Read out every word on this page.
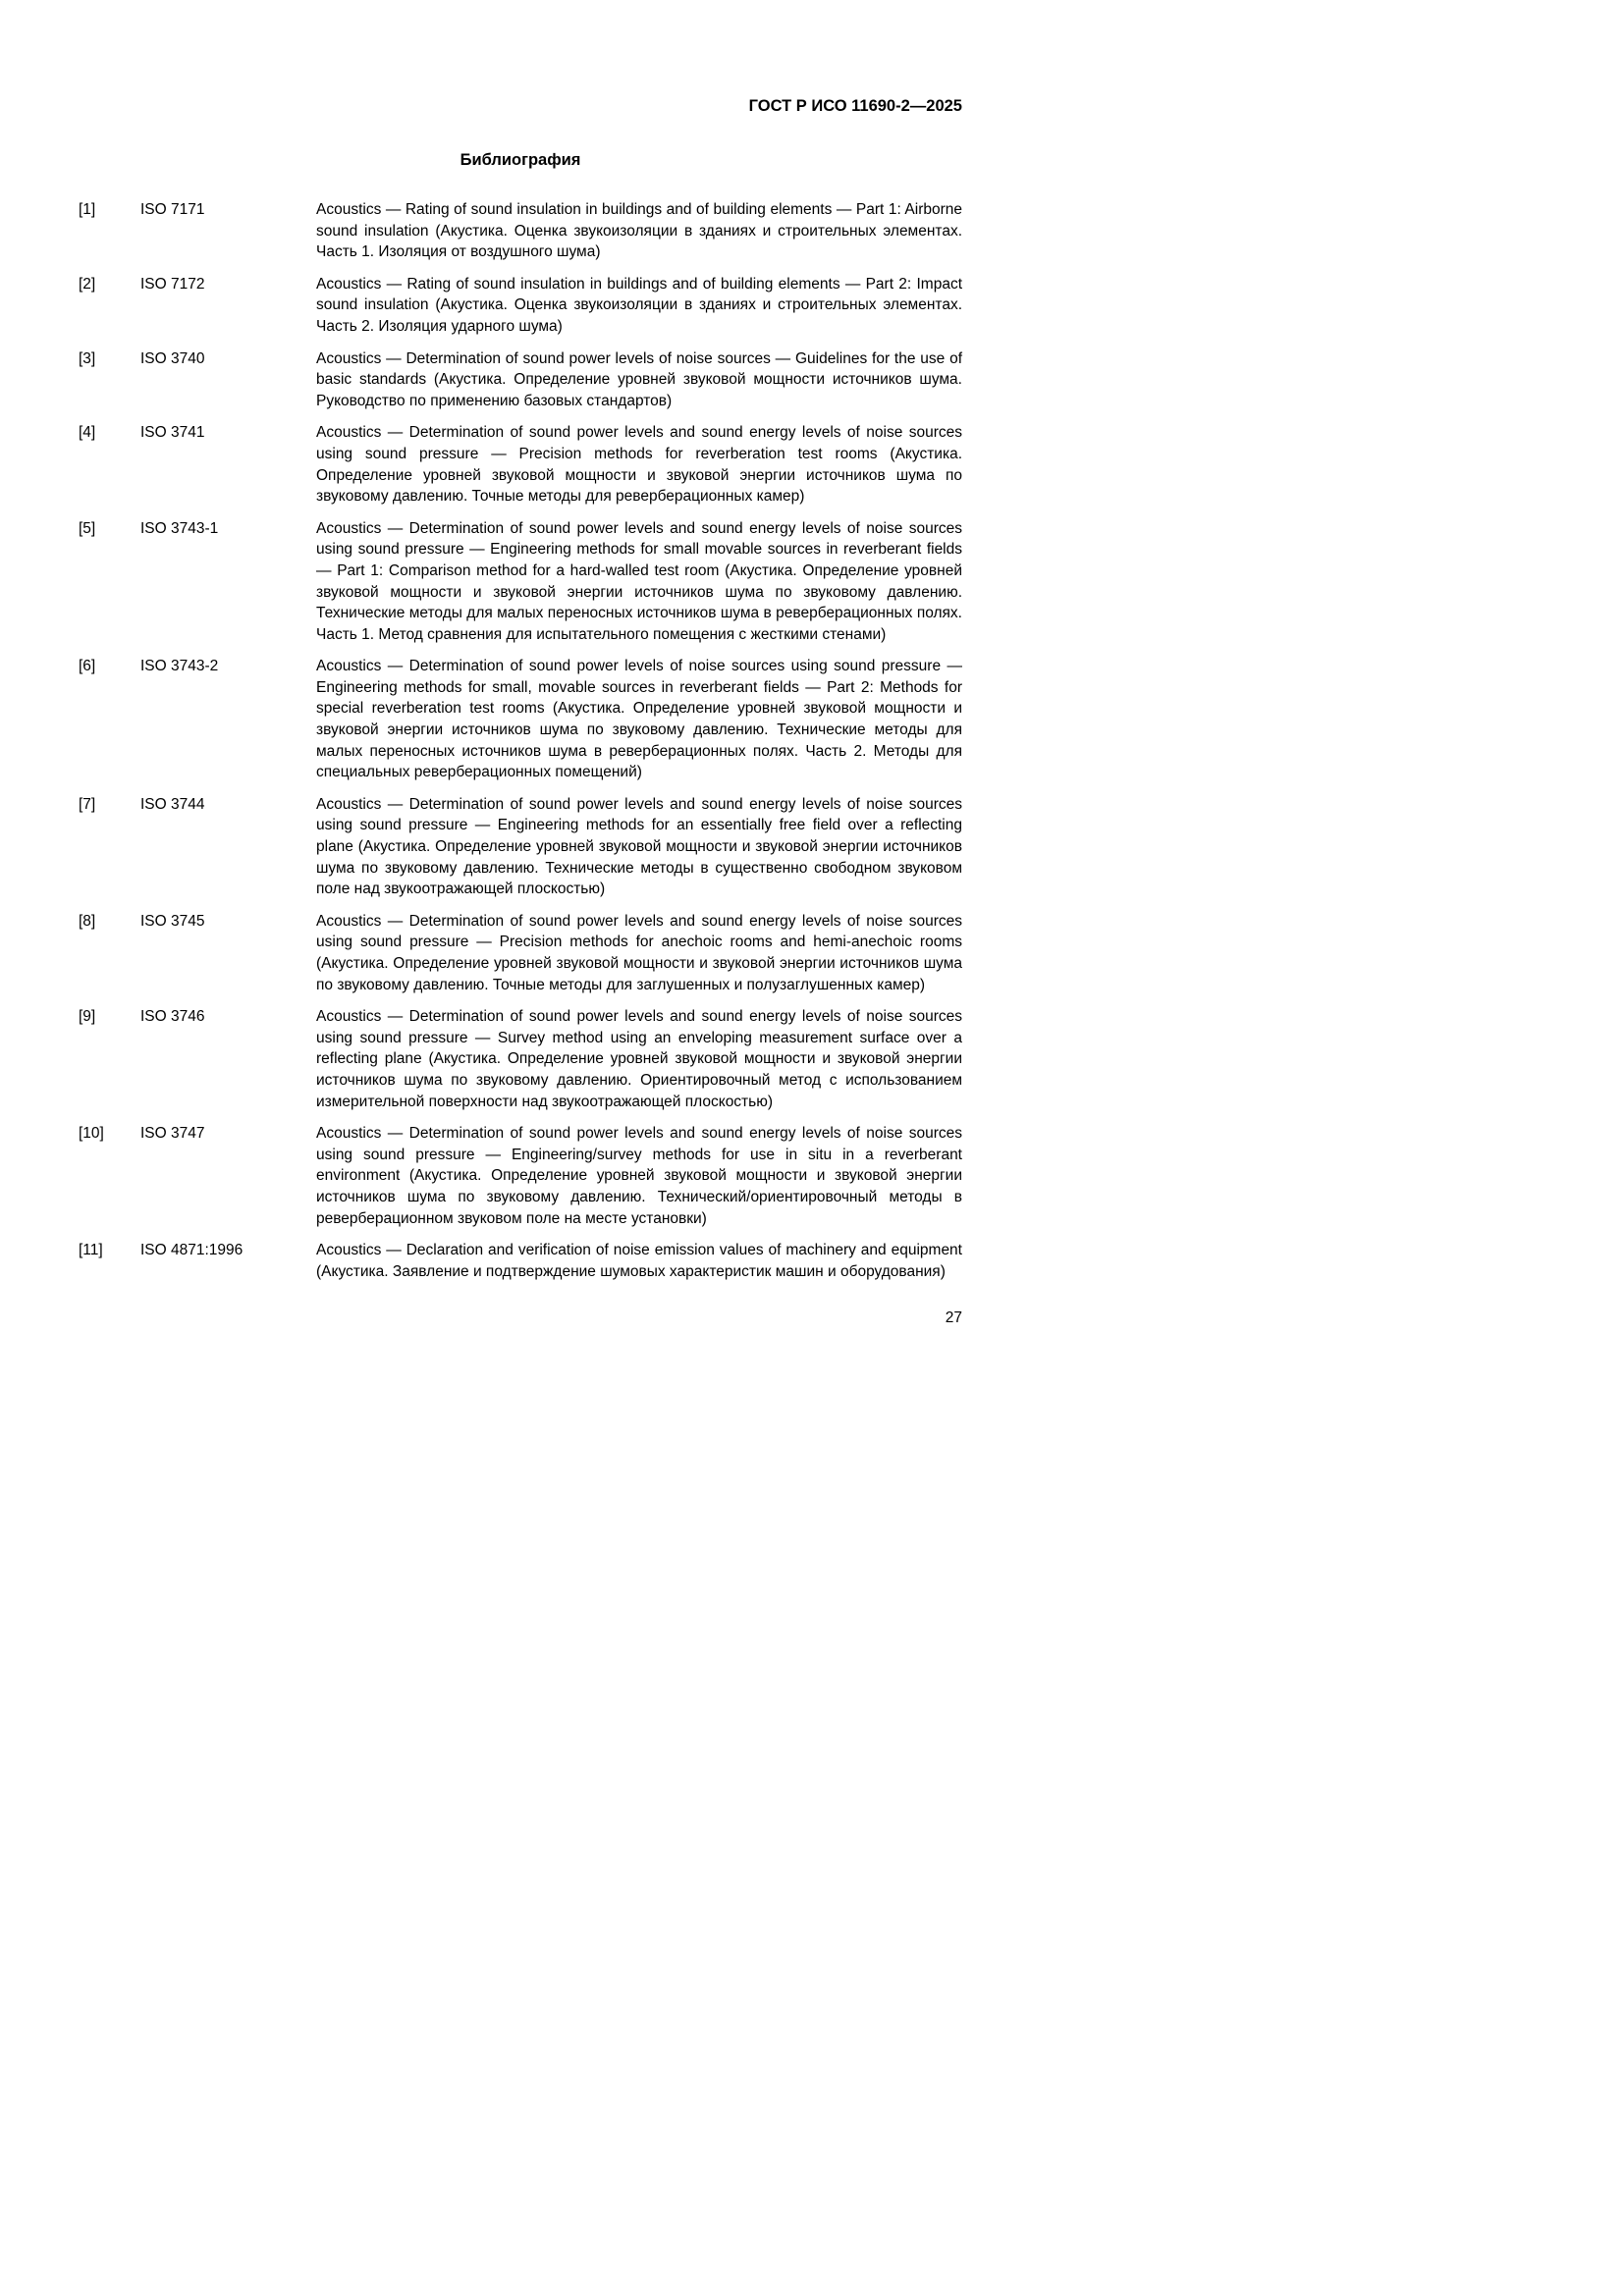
ГОСТ Р ИСО 11690-2—2025
Библиография
[1]	ISO 7171	Acoustics — Rating of sound insulation in buildings and of building elements — Part 1: Airborne sound insulation (Акустика. Оценка звукоизоляции в зданиях и строительных элементах. Часть 1. Изоляция от воздушного шума)
[2]	ISO 7172	Acoustics — Rating of sound insulation in buildings and of building elements — Part 2: Impact sound insulation (Акустика. Оценка звукоизоляции в зданиях и строительных элементах. Часть 2. Изоляция ударного шума)
[3]	ISO 3740	Acoustics — Determination of sound power levels of noise sources — Guidelines for the use of basic standards (Акустика. Определение уровней звуковой мощности источников шума. Руководство по применению базовых стандартов)
[4]	ISO 3741	Acoustics — Determination of sound power levels and sound energy levels of noise sources using sound pressure — Precision methods for reverberation test rooms (Акустика. Определение уровней звуковой мощности и звуковой энергии источников шума по звуковому давлению. Точные методы для реверберационных камер)
[5]	ISO 3743-1	Acoustics — Determination of sound power levels and sound energy levels of noise sources using sound pressure — Engineering methods for small movable sources in reverberant fields — Part 1: Comparison method for a hard-walled test room (Акустика. Определение уровней звуковой мощности и звуковой энергии источников шума по звуковому давлению. Технические методы для малых переносных источников шума в реверберационных полях. Часть 1. Метод сравнения для испытательного помещения с жесткими стенами)
[6]	ISO 3743-2	Acoustics — Determination of sound power levels of noise sources using sound pressure — Engineering methods for small, movable sources in reverberant fields — Part 2: Methods for special reverberation test rooms (Акустика. Определение уровней звуковой мощности и звуковой энергии источников шума по звуковому давлению. Технические методы для малых переносных источников шума в реверберационных полях. Часть 2. Методы для специальных реверберационных помещений)
[7]	ISO 3744	Acoustics — Determination of sound power levels and sound energy levels of noise sources using sound pressure — Engineering methods for an essentially free field over a reflecting plane (Акустика. Определение уровней звуковой мощности и звуковой энергии источников шума по звуковому давлению. Технические методы в существенно свободном звуковом поле над звукоотражающей плоскостью)
[8]	ISO 3745	Acoustics — Determination of sound power levels and sound energy levels of noise sources using sound pressure — Precision methods for anechoic rooms and hemi-anechoic rooms (Акустика. Определение уровней звуковой мощности и звуковой энергии источников шума по звуковому давлению. Точные методы для заглушенных и полузаглушенных камер)
[9]	ISO 3746	Acoustics — Determination of sound power levels and sound energy levels of noise sources using sound pressure — Survey method using an enveloping measurement surface over a reflecting plane (Акустика. Определение уровней звуковой мощности и звуковой энергии источников шума по звуковому давлению. Ориентировочный метод с использованием измерительной поверхности над звукоотражающей плоскостью)
[10]	ISO 3747	Acoustics — Determination of sound power levels and sound energy levels of noise sources using sound pressure — Engineering/survey methods for use in situ in a reverberant environment (Акустика. Определение уровней звуковой мощности и звуковой энергии источников шума по звуковому давлению. Технический/ориентировочный методы в реверберационном звуковом поле на месте установки)
[11]	ISO 4871:1996	Acoustics — Declaration and verification of noise emission values of machinery and equipment (Акустика. Заявление и подтверждение шумовых характеристик машин и оборудования)
27
